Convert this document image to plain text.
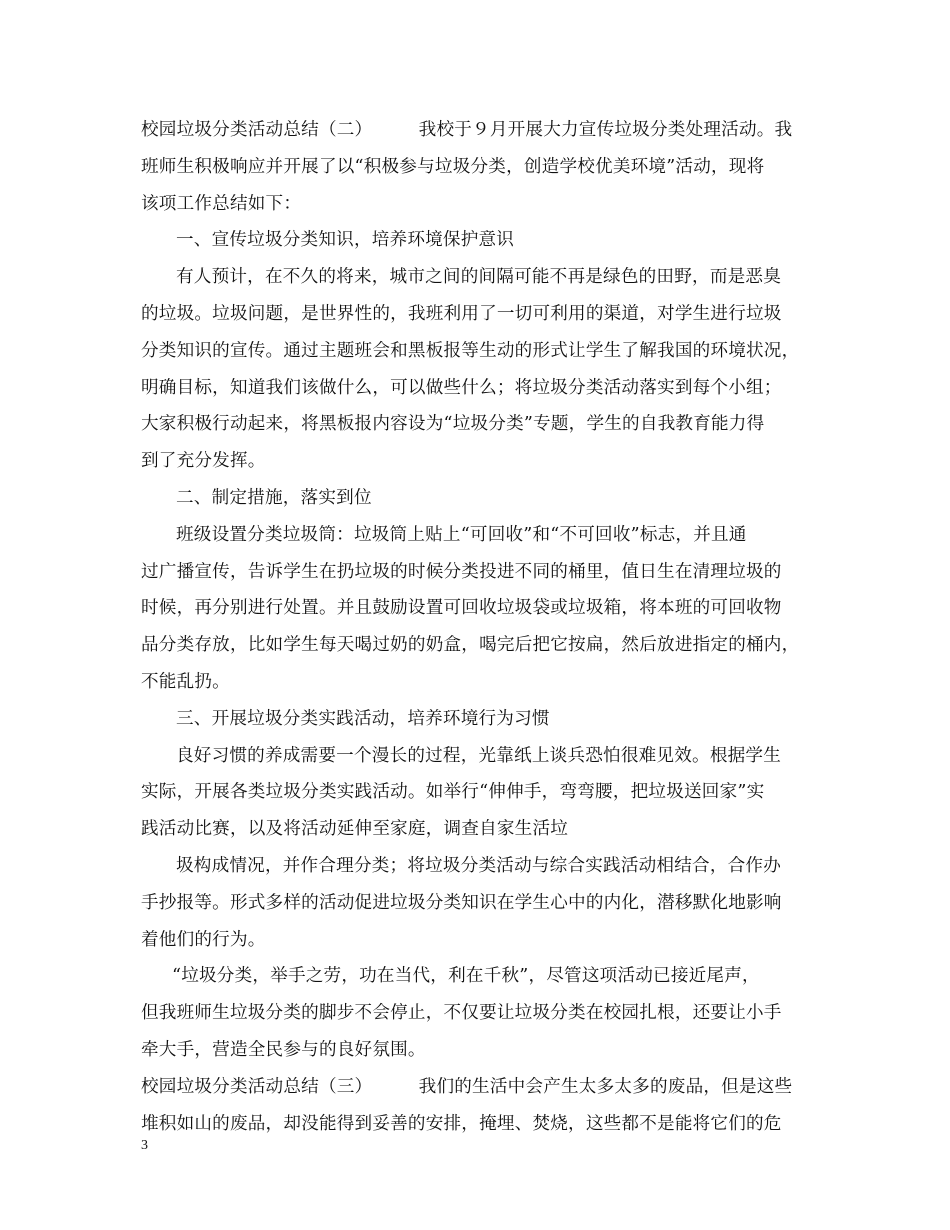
校园垃圾分类活动总结（二）        我校于９月开展大力宣传垃圾分类处理活动。我
班师生积极响应并开展了以“积极参与垃圾分类，创造学校优美环境”活动，现将
该项工作总结如下：
一、宣传垃圾分类知识，培养环境保护意识
有人预计，在不久的将来，城市之间的间隔可能不再是绿色的田野，而是恶臭
的垃圾。垃圾问题，是世界性的，我班利用了一切可利用的渠道，对学生进行垃圾
分类知识的宣传。通过主题班会和黑板报等生动的形式让学生了解我国的环境状况，
明确目标，知道我们该做什么，可以做些什么；将垃圾分类活动落实到每个小组；
大家积极行动起来，将黑板报内容设为“垃圾分类”专题，学生的自我教育能力得
到了充分发挥。
二、制定措施，落实到位
班级设置分类垃圾筒：垃圾筒上贴上“可回收”和“不可回收”标志，并且通
过广播宣传，告诉学生在扔垃圾的时候分类投进不同的桶里，值日生在清理垃圾的
时候，再分别进行处置。并且鼓励设置可回收垃圾袋或垃圾箱，将本班的可回收物
品分类存放，比如学生每天喝过奶的奶盒，喝完后把它按扁，然后放进指定的桶内，
不能乱扔。
三、开展垃圾分类实践活动，培养环境行为习惯
良好习惯的养成需要一个漫长的过程，光靠纸上谈兵恐怕很难见效。根据学生
实际，开展各类垃圾分类实践活动。如举行“伸伸手，弯弯腰，把垃圾送回家”实
践活动比赛，以及将活动延伸至家庭，调查自家生活垃
圾构成情况，并作合理分类；将垃圾分类活动与综合实践活动相结合，合作办
手抄报等。形式多样的活动促进垃圾分类知识在学生心中的内化，潜移默化地影响
着他们的行为。
“垃圾分类，举手之劳，功在当代，利在千秋”，尽管这项活动已接近尾声，
但我班师生垃圾分类的脚步不会停止，不仅要让垃圾分类在校园扎根，还要让小手
牵大手，营造全民参与的良好氛围。
校园垃圾分类活动总结（三）        我们的生活中会产生太多太多的废品，但是这些
堆积如山的废品，却没能得到妥善的安排，掩埋、焚烧，这些都不是能将它们的危
3
